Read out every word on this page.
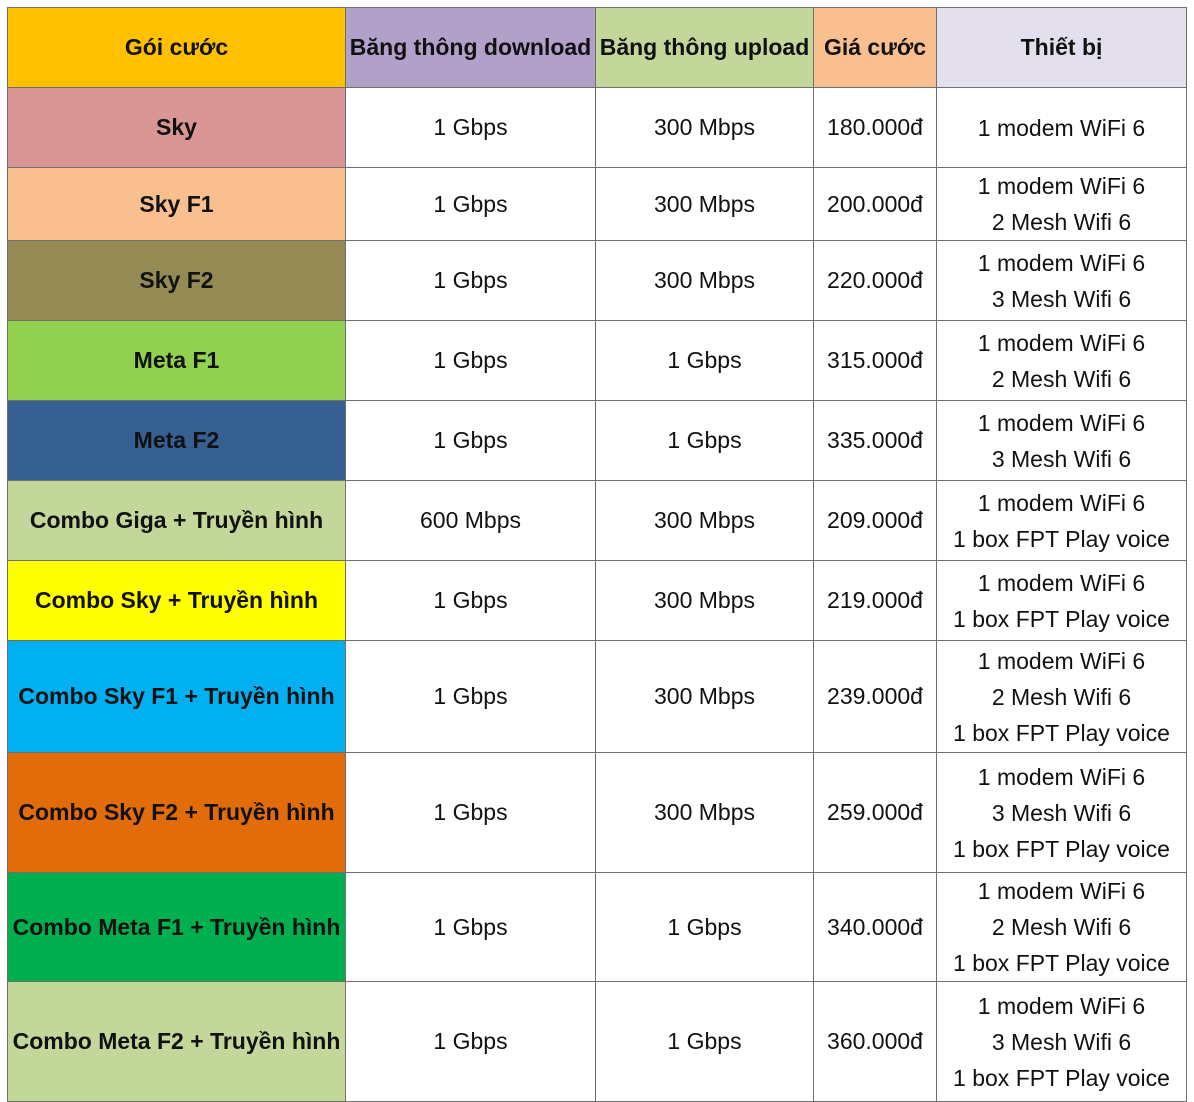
Gói cước	Băng thông download	Băng thông upload	Giá cước	Thiết bị
Sky	1 Gbps	300 Mbps	180.000đ	1 modem WiFi 6

Sky F1	1 Gbps	300 Mbps	200.000đ	1 modem WiFi 6
2 Mesh Wifi 6

Sky F2	1 Gbps	300 Mbps	220.000đ	1 modem WiFi 6
3 Mesh Wifi 6

Meta F1	1 Gbps	1 Gbps	315.000đ	1 modem WiFi 6
2 Mesh Wifi 6

Meta F2	1 Gbps	1 Gbps	335.000đ	1 modem WiFi 6
3 Mesh Wifi 6

Combo Giga + Truyền hình	600 Mbps	300 Mbps	209.000đ	1 modem WiFi 6
1 box FPT Play voice

Combo Sky + Truyền hình	1 Gbps	300 Mbps	219.000đ	1 modem WiFi 6
1 box FPT Play voice

Combo Sky F1 + Truyền hình	1 Gbps	300 Mbps	239.000đ	1 modem WiFi 6
2 Mesh Wifi 6
1 box FPT Play voice

Combo Sky F2 + Truyền hình	1 Gbps	300 Mbps	259.000đ	1 modem WiFi 6
3 Mesh Wifi 6
1 box FPT Play voice

Combo Meta F1 + Truyền hình	1 Gbps	1 Gbps	340.000đ	1 modem WiFi 6
2 Mesh Wifi 6
1 box FPT Play voice

Combo Meta F2 + Truyền hình	1 Gbps	1 Gbps	360.000đ	1 modem WiFi 6
3 Mesh Wifi 6
1 box FPT Play voice
